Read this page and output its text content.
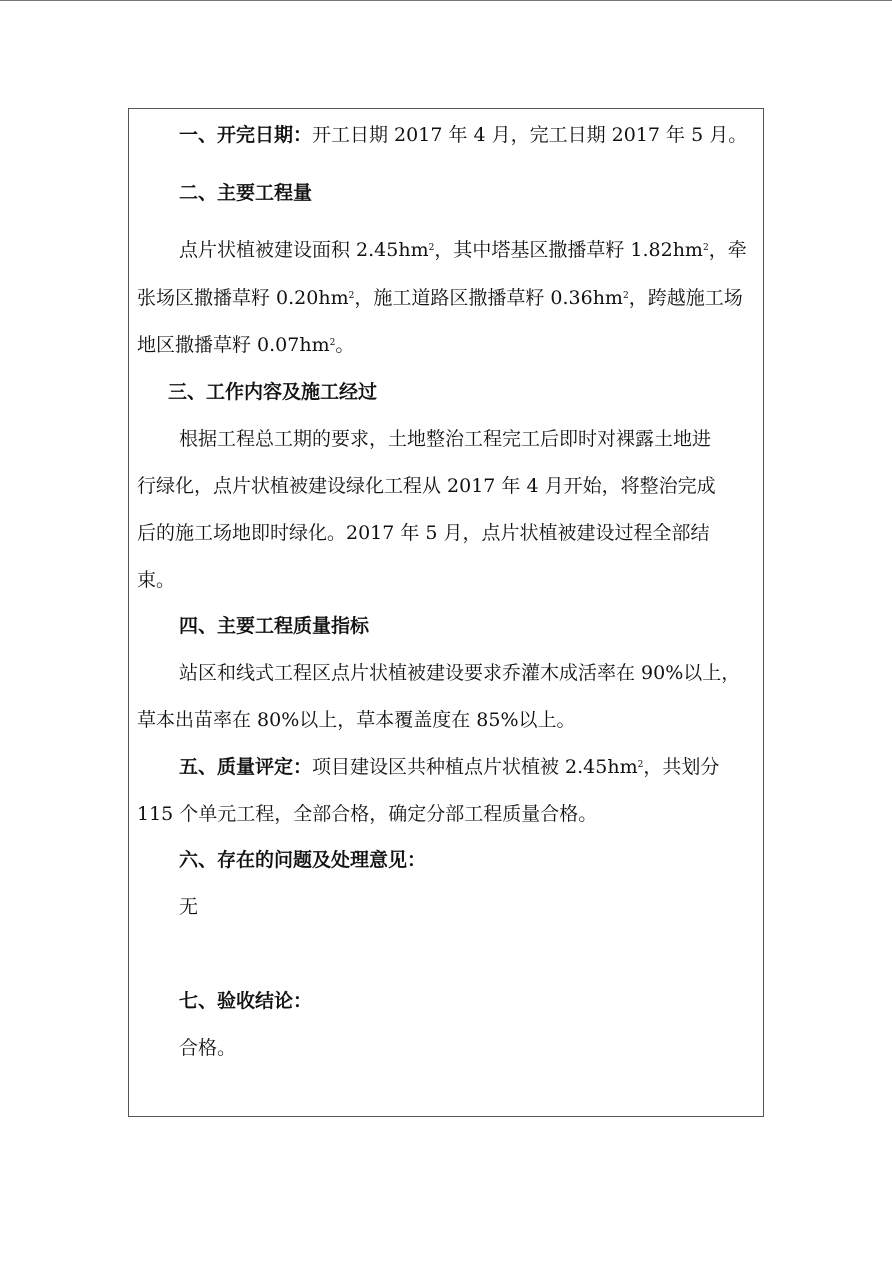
一、开完日期：开工日期 2017 年 4 月，完工日期 2017 年 5 月。
二、主要工程量
点片状植被建设面积 $2.45hm^2$，其中塔基区撒播草籽 $1.82hm^2$，牵
张场区撒播草籽 $0.20hm^2$，施工道路区撒播草籽 $0.36hm^2$，跨越施工场
地区撒播草籽 $0.07hm^2$。
三、工作内容及施工经过
根据工程总工期的要求，土地整治工程完工后即时对裸露土地进
行绿化，点片状植被建设绿化工程从 2017 年 4 月开始，将整治完成
后的施工场地即时绿化。2017 年 5 月，点片状植被建设过程全部结
束。
四、主要工程质量指标
站区和线式工程区点片状植被建设要求乔灌木成活率在 90%以上，
草本出苗率在 80%以上，草本覆盖度在 85%以上。
五、质量评定：项目建设区共种植点片状植被 $2.45hm^2$，共划分
115 个单元工程，全部合格，确定分部工程质量合格。
六、存在的问题及处理意见：
无
七、验收结论：
合格。
